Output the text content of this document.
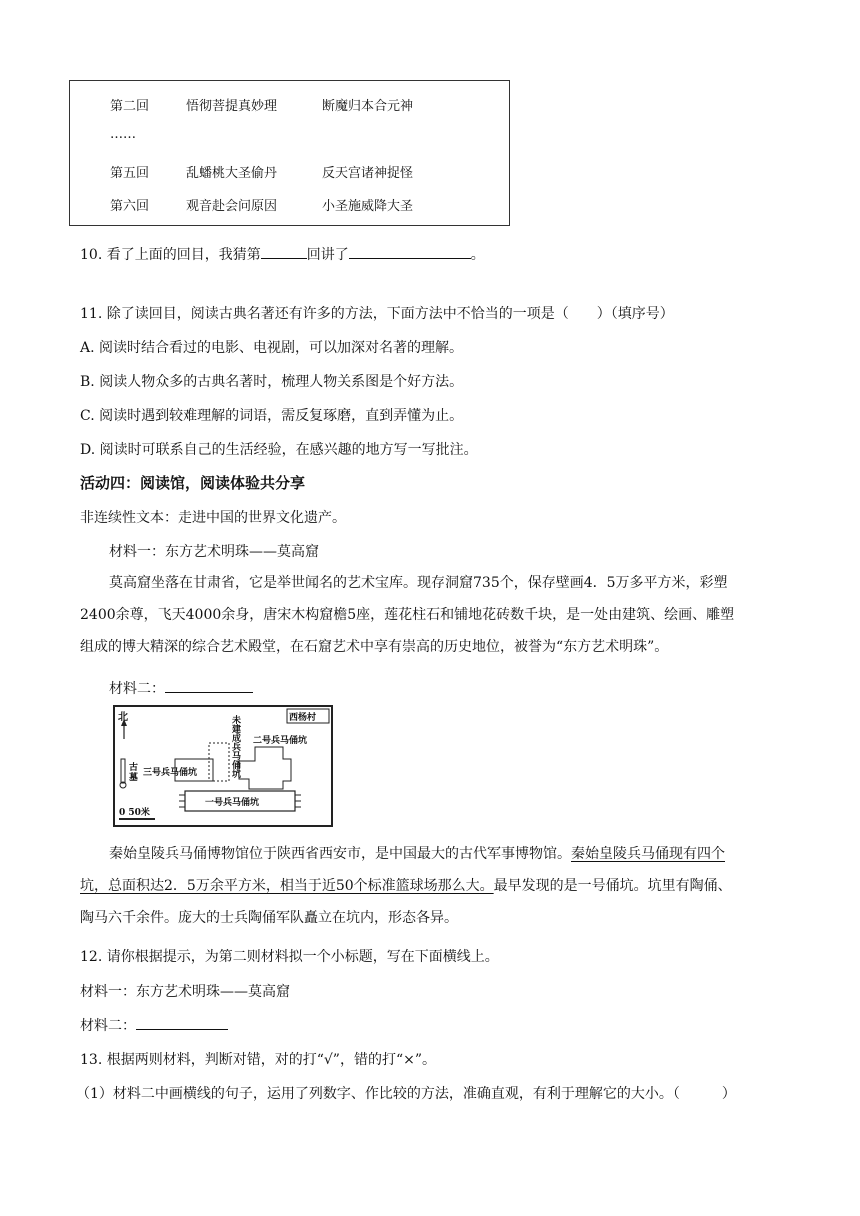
第二回	悟彻菩提真妙理	断魔归本合元神
……
第五回	乱蟠桃大圣偷丹	反天宫诸神捉怪
第六回	观音赴会问原因	小圣施威降大圣
10. 看了上面的回目，我猜第	回讲了	。
11. 除了读回目，阅读古典名著还有许多的方法，下面方法中不恰当的一项是（　　）（填序号）
A. 阅读时结合看过的电影、电视剧，可以加深对名著的理解。
B. 阅读人物众多的古典名著时，梳理人物关系图是个好方法。
C. 阅读时遇到较难理解的词语，需反复琢磨，直到弄懂为止。
D. 阅读时可联系自己的生活经验，在感兴趣的地方写一写批注。
活动四：阅读馆，阅读体验共分享
非连续性文本：走进中国的世界文化遗产。
材料一：东方艺术明珠——莫高窟
莫高窟坐落在甘肃省，它是举世闻名的艺术宝库。现存洞窟735个，保存壁画4．5万多平方米，彩塑
2400余尊，飞天4000余身，唐宋木构窟檐5座，莲花柱石和铺地花砖数千块，是一处由建筑、绘画、雕塑
组成的博大精深的综合艺术殿堂，在石窟艺术中享有崇高的历史地位，被誉为“东方艺术明珠”。
材料二：
北	西杨村
未建成兵马俑坑
二号兵马俑坑
三号兵马俑坑
一号兵马俑坑
古墓
0 50米
秦始皇陵兵马俑博物馆位于陕西省西安市，是中国最大的古代军事博物馆。秦始皇陵兵马俑现有四个
坑，总面积达2．5万余平方米，相当于近50个标准篮球场那么大。最早发现的是一号俑坑。坑里有陶俑、
陶马六千余件。庞大的士兵陶俑军队矗立在坑内，形态各异。
12. 请你根据提示，为第二则材料拟一个小标题，写在下面横线上。
材料一：东方艺术明珠——莫高窟
材料二：
13. 根据两则材料，判断对错，对的打“√”，错的打“×”。
（1）材料二中画横线的句子，运用了列数字、作比较的方法，准确直观，有利于理解它的大小。（　　　）
